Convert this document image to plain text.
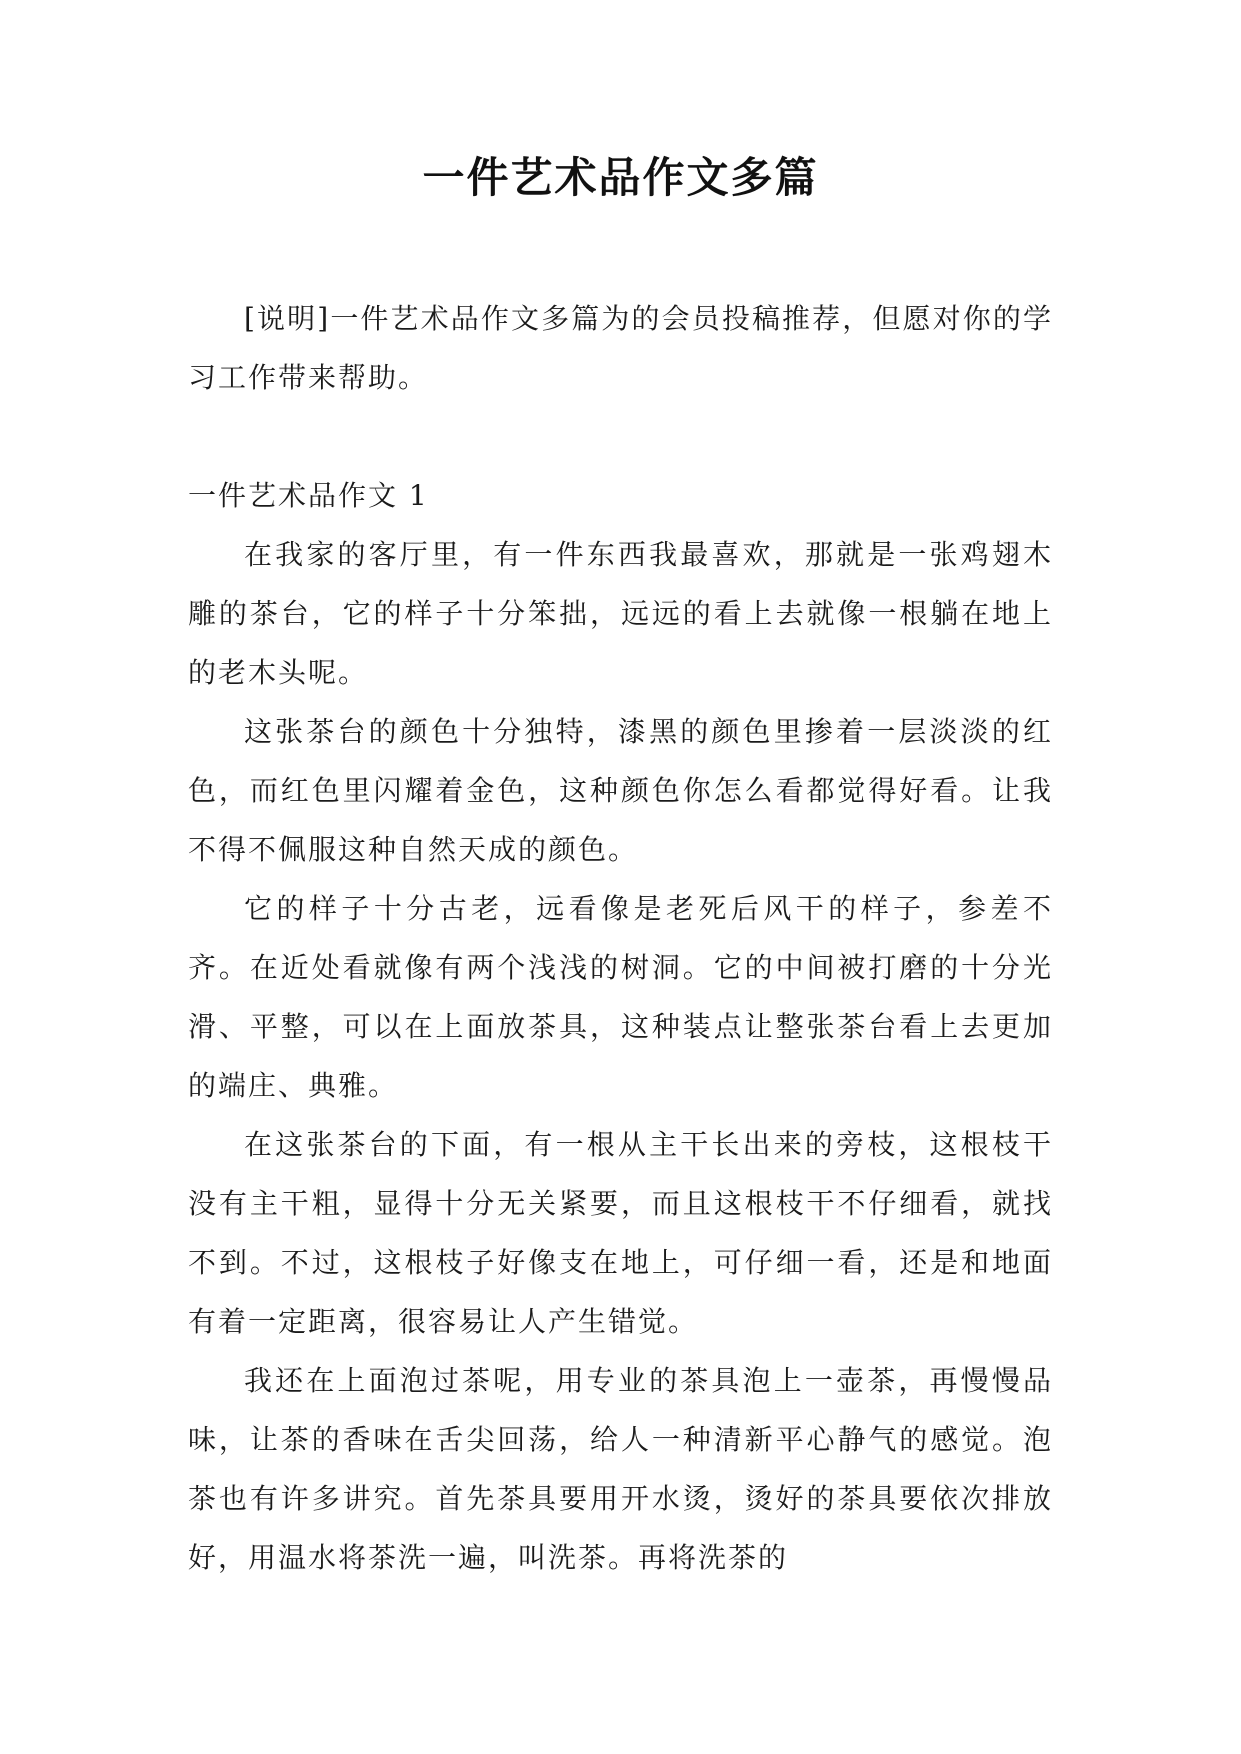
一件艺术品作文多篇

[说明]一件艺术品作文多篇为的会员投稿推荐，但愿对你的学习工作带来帮助。

一件艺术品作文 1

在我家的客厅里，有一件东西我最喜欢，那就是一张鸡翅木雕的茶台，它的样子十分笨拙，远远的看上去就像一根躺在地上的老木头呢。

这张茶台的颜色十分独特，漆黑的颜色里掺着一层淡淡的红色，而红色里闪耀着金色，这种颜色你怎么看都觉得好看。让我不得不佩服这种自然天成的颜色。

它的样子十分古老，远看像是老死后风干的样子，参差不齐。在近处看就像有两个浅浅的树洞。它的中间被打磨的十分光滑、平整，可以在上面放茶具，这种装点让整张茶台看上去更加的端庄、典雅。

在这张茶台的下面，有一根从主干长出来的旁枝，这根枝干没有主干粗，显得十分无关紧要，而且这根枝干不仔细看，就找不到。不过，这根枝子好像支在地上，可仔细一看，还是和地面有着一定距离，很容易让人产生错觉。

我还在上面泡过茶呢，用专业的茶具泡上一壶茶，再慢慢品味，让茶的香味在舌尖回荡，给人一种清新平心静气的感觉。泡茶也有许多讲究。首先茶具要用开水烫，烫好的茶具要依次排放好，用温水将茶洗一遍，叫洗茶。再将洗茶的
